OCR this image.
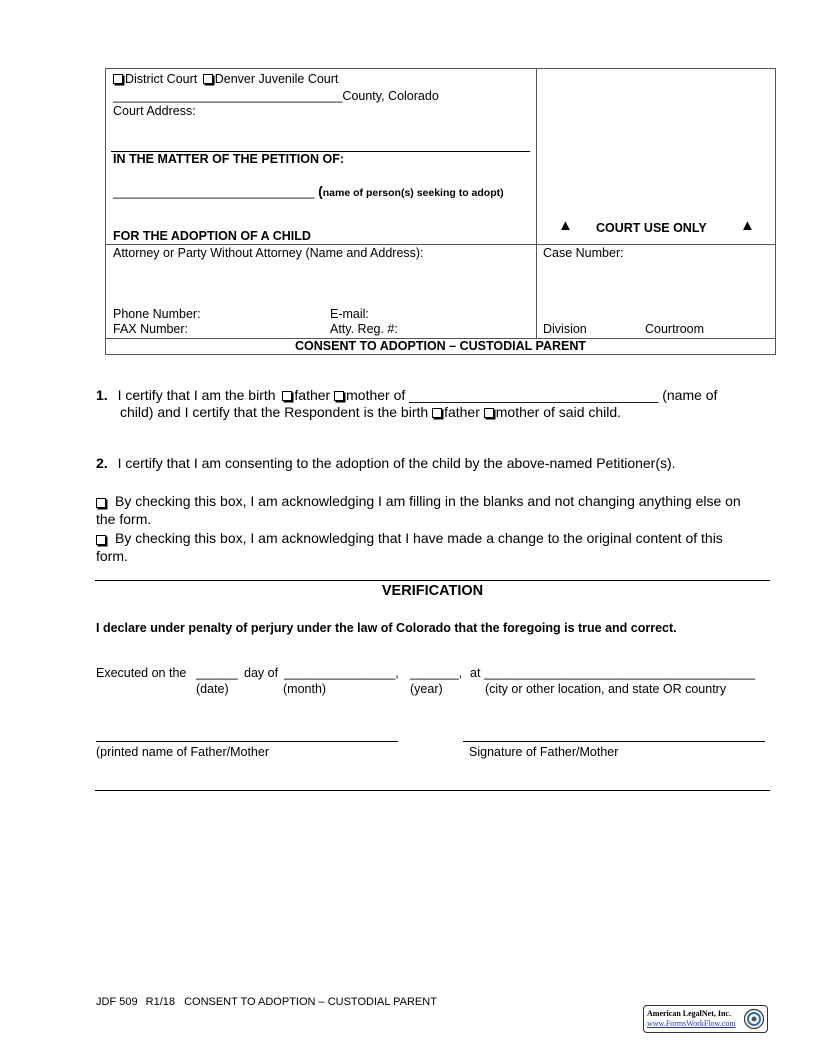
District Court Denver Juvenile Court
_________________________________County, Colorado
Court Address:
IN THE MATTER OF THE PETITION OF:
_____________________________ (name of person(s) seeking to adopt)
FOR THE ADOPTION OF A CHILD
▲ COURT USE ONLY ▲
Attorney or Party Without Attorney (Name and Address):	Case Number:
Phone Number:	E-mail:
FAX Number:	Atty. Reg. #:	Division	Courtroom
CONSENT TO ADOPTION – CUSTODIAL PARENT
1. I certify that I am the birth father mother of ________________________________ (name of
child) and I certify that the Respondent is the birth father mother of said child.
2. I certify that I am consenting to the adoption of the child by the above-named Petitioner(s).

By checking this box, I am acknowledging I am filling in the blanks and not changing anything else on the form.

By checking this box, I am acknowledging that I have made a change to the original content of this form.

VERIFICATION
I declare under penalty of perjury under the law of Colorado that the foregoing is true and correct.
Executed on the ______ day of ________________, _______, at _______________________________________
(date)	(month)	(year)	(city or other location, and state OR country
(printed name of Father/Mother	Signature of Father/Mother
JDF 509 R1/18 CONSENT TO ADOPTION – CUSTODIAL PARENT
American LegalNet, Inc.
www.FormsWorkFlow.com
